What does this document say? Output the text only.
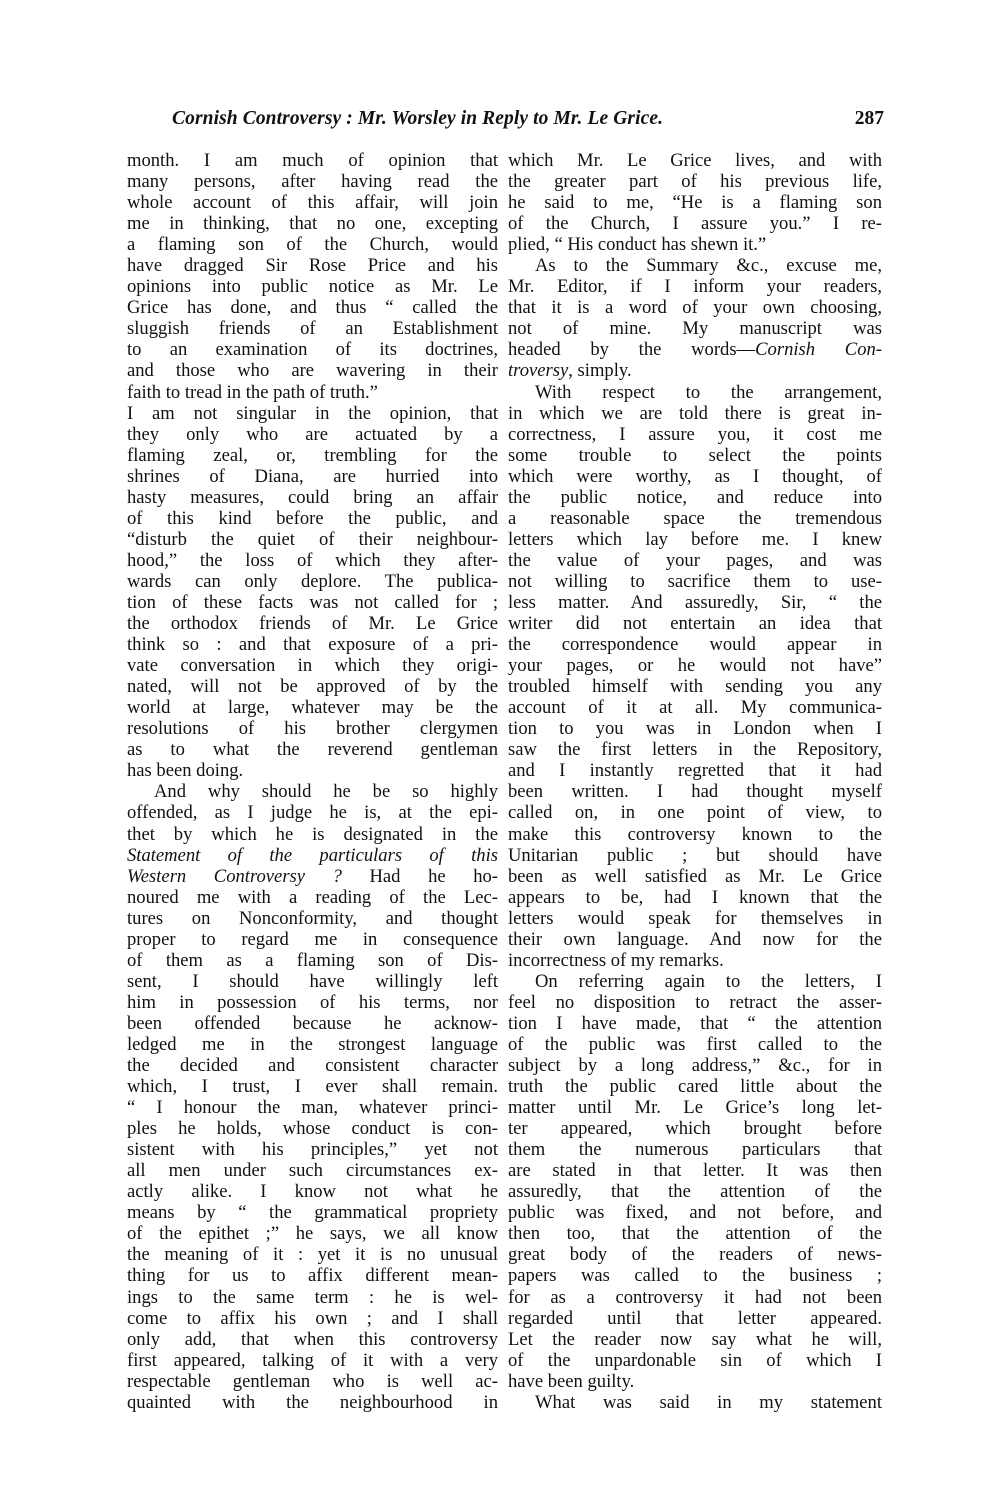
Cornish Controversy : Mr. Worsley in Reply to Mr. Le Grice.	287
month. I am much of opinion that
many persons, after having read the
whole account of this affair, will join
me in thinking, that no one, excepting
a flaming son of the Church, would
have dragged Sir Rose Price and his
opinions into public notice as Mr. Le
Grice has done, and thus “ called the
sluggish friends of an Establishment
to an examination of its doctrines,
and those who are wavering in their
faith to tread in the path of truth.”
I am not singular in the opinion, that
they only who are actuated by a
flaming zeal, or, trembling for the
shrines of Diana, are hurried into
hasty measures, could bring an affair
of this kind before the public, and
“disturb the quiet of their neighbour-
hood,” the loss of which they after-
wards can only deplore. The publica-
tion of these facts was not called for ;
the orthodox friends of Mr. Le Grice
think so : and that exposure of a pri-
vate conversation in which they origi-
nated, will not be approved of by the
world at large, whatever may be the
resolutions of his brother clergymen
as to what the reverend gentleman
has been doing.
And why should he be so highly
offended, as I judge he is, at the epi-
thet by which he is designated in the
Statement of the particulars of this
Western Controversy ? Had he ho-
noured me with a reading of the Lec-
tures on Nonconformity, and thought
proper to regard me in consequence
of them as a flaming son of Dis-
sent, I should have willingly left
him in possession of his terms, nor
been offended because he acknow-
ledged me in the strongest language
the decided and consistent character
which, I trust, I ever shall remain.
“ I honour the man, whatever princi-
ples he holds, whose conduct is con-
sistent with his principles,” yet not
all men under such circumstances ex-
actly alike. I know not what he
means by “ the grammatical propriety
of the epithet ;” he says, we all know
the meaning of it : yet it is no unusual
thing for us to affix different mean-
ings to the same term : he is wel-
come to affix his own ; and I shall
only add, that when this controversy
first appeared, talking of it with a very
respectable gentleman who is well ac-
quainted with the neighbourhood in
which Mr. Le Grice lives, and with
the greater part of his previous life,
he said to me, “He is a flaming son
of the Church, I assure you.” I re-
plied, “ His conduct has shewn it.”
As to the Summary &c., excuse me,
Mr. Editor, if I inform your readers,
that it is a word of your own choosing,
not of mine. My manuscript was
headed by the words—Cornish Con-
troversy, simply.
With respect to the arrangement,
in which we are told there is great in-
correctness, I assure you, it cost me
some trouble to select the points
which were worthy, as I thought, of
the public notice, and reduce into
a reasonable space the tremendous
letters which lay before me. I knew
the value of your pages, and was
not willing to sacrifice them to use-
less matter. And assuredly, Sir, “ the
writer did not entertain an idea that
the correspondence would appear in
your pages, or he would not have”
troubled himself with sending you any
account of it at all. My communica-
tion to you was in London when I
saw the first letters in the Repository,
and I instantly regretted that it had
been written. I had thought myself
called on, in one point of view, to
make this controversy known to the
Unitarian public ; but should have
been as well satisfied as Mr. Le Grice
appears to be, had I known that the
letters would speak for themselves in
their own language. And now for the
incorrectness of my remarks.
On referring again to the letters, I
feel no disposition to retract the asser-
tion I have made, that “ the attention
of the public was first called to the
subject by a long address,” &c., for in
truth the public cared little about the
matter until Mr. Le Grice’s long let-
ter appeared, which brought before
them the numerous particulars that
are stated in that letter. It was then
assuredly, that the attention of the
public was fixed, and not before, and
then too, that the attention of the
great body of the readers of news-
papers was called to the business ;
for as a controversy it had not been
regarded until that letter appeared.
Let the reader now say what he will,
of the unpardonable sin of which I
have been guilty.
What was said in my statement
